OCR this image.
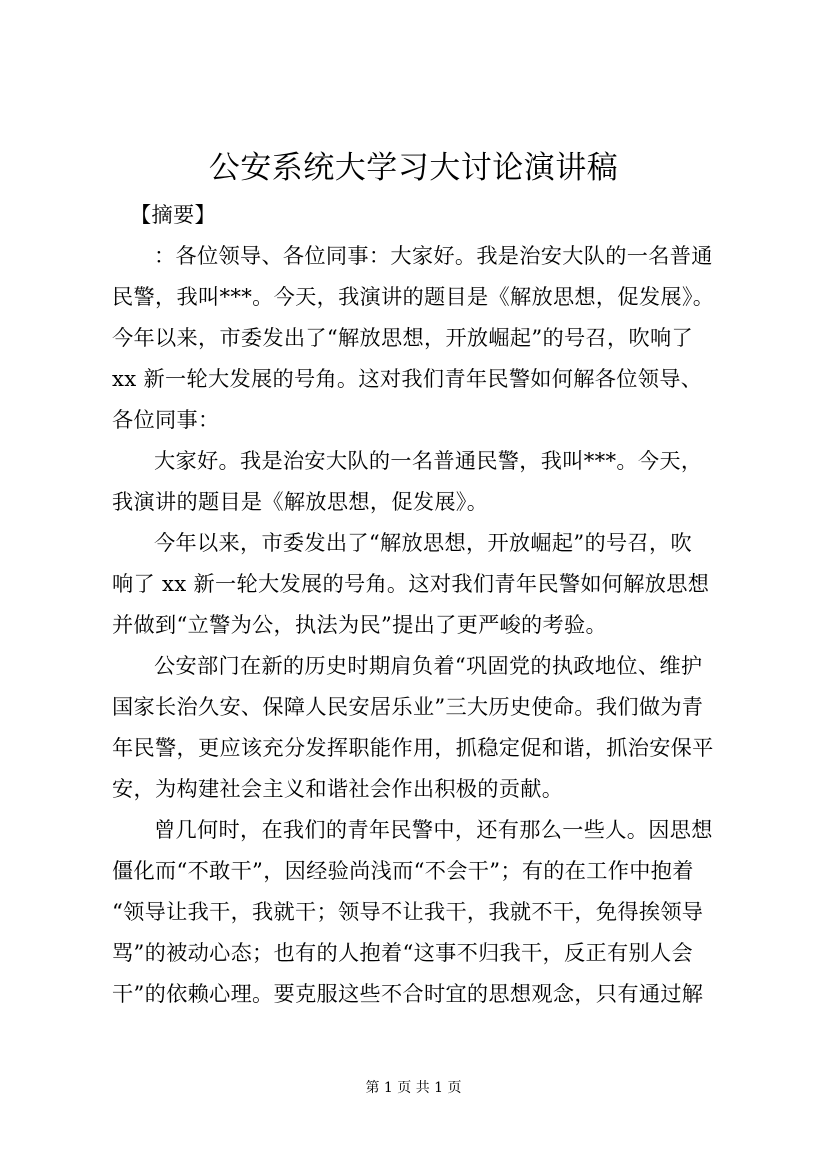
公安系统大学习大讨论演讲稿
【摘要】
：各位领导、各位同事：大家好。我是治安大队的一名普通
民警，我叫***。今天，我演讲的题目是《解放思想，促发展》。
今年以来，市委发出了“解放思想，开放崛起”的号召，吹响了
xx 新一轮大发展的号角。这对我们青年民警如何解各位领导、
各位同事：
大家好。我是治安大队的一名普通民警，我叫***。今天，
我演讲的题目是《解放思想，促发展》。
今年以来，市委发出了“解放思想，开放崛起”的号召，吹
响了 xx 新一轮大发展的号角。这对我们青年民警如何解放思想
并做到“立警为公，执法为民”提出了更严峻的考验。
公安部门在新的历史时期肩负着“巩固党的执政地位、维护
国家长治久安、保障人民安居乐业”三大历史使命。我们做为青
年民警，更应该充分发挥职能作用，抓稳定促和谐，抓治安保平
安，为构建社会主义和谐社会作出积极的贡献。
曾几何时，在我们的青年民警中，还有那么一些人。因思想
僵化而“不敢干”，因经验尚浅而“不会干”；有的在工作中抱着
“领导让我干，我就干；领导不让我干，我就不干，免得挨领导
骂”的被动心态；也有的人抱着“这事不归我干，反正有别人会
干”的依赖心理。要克服这些不合时宜的思想观念，只有通过解
第 1 页 共 1 页
